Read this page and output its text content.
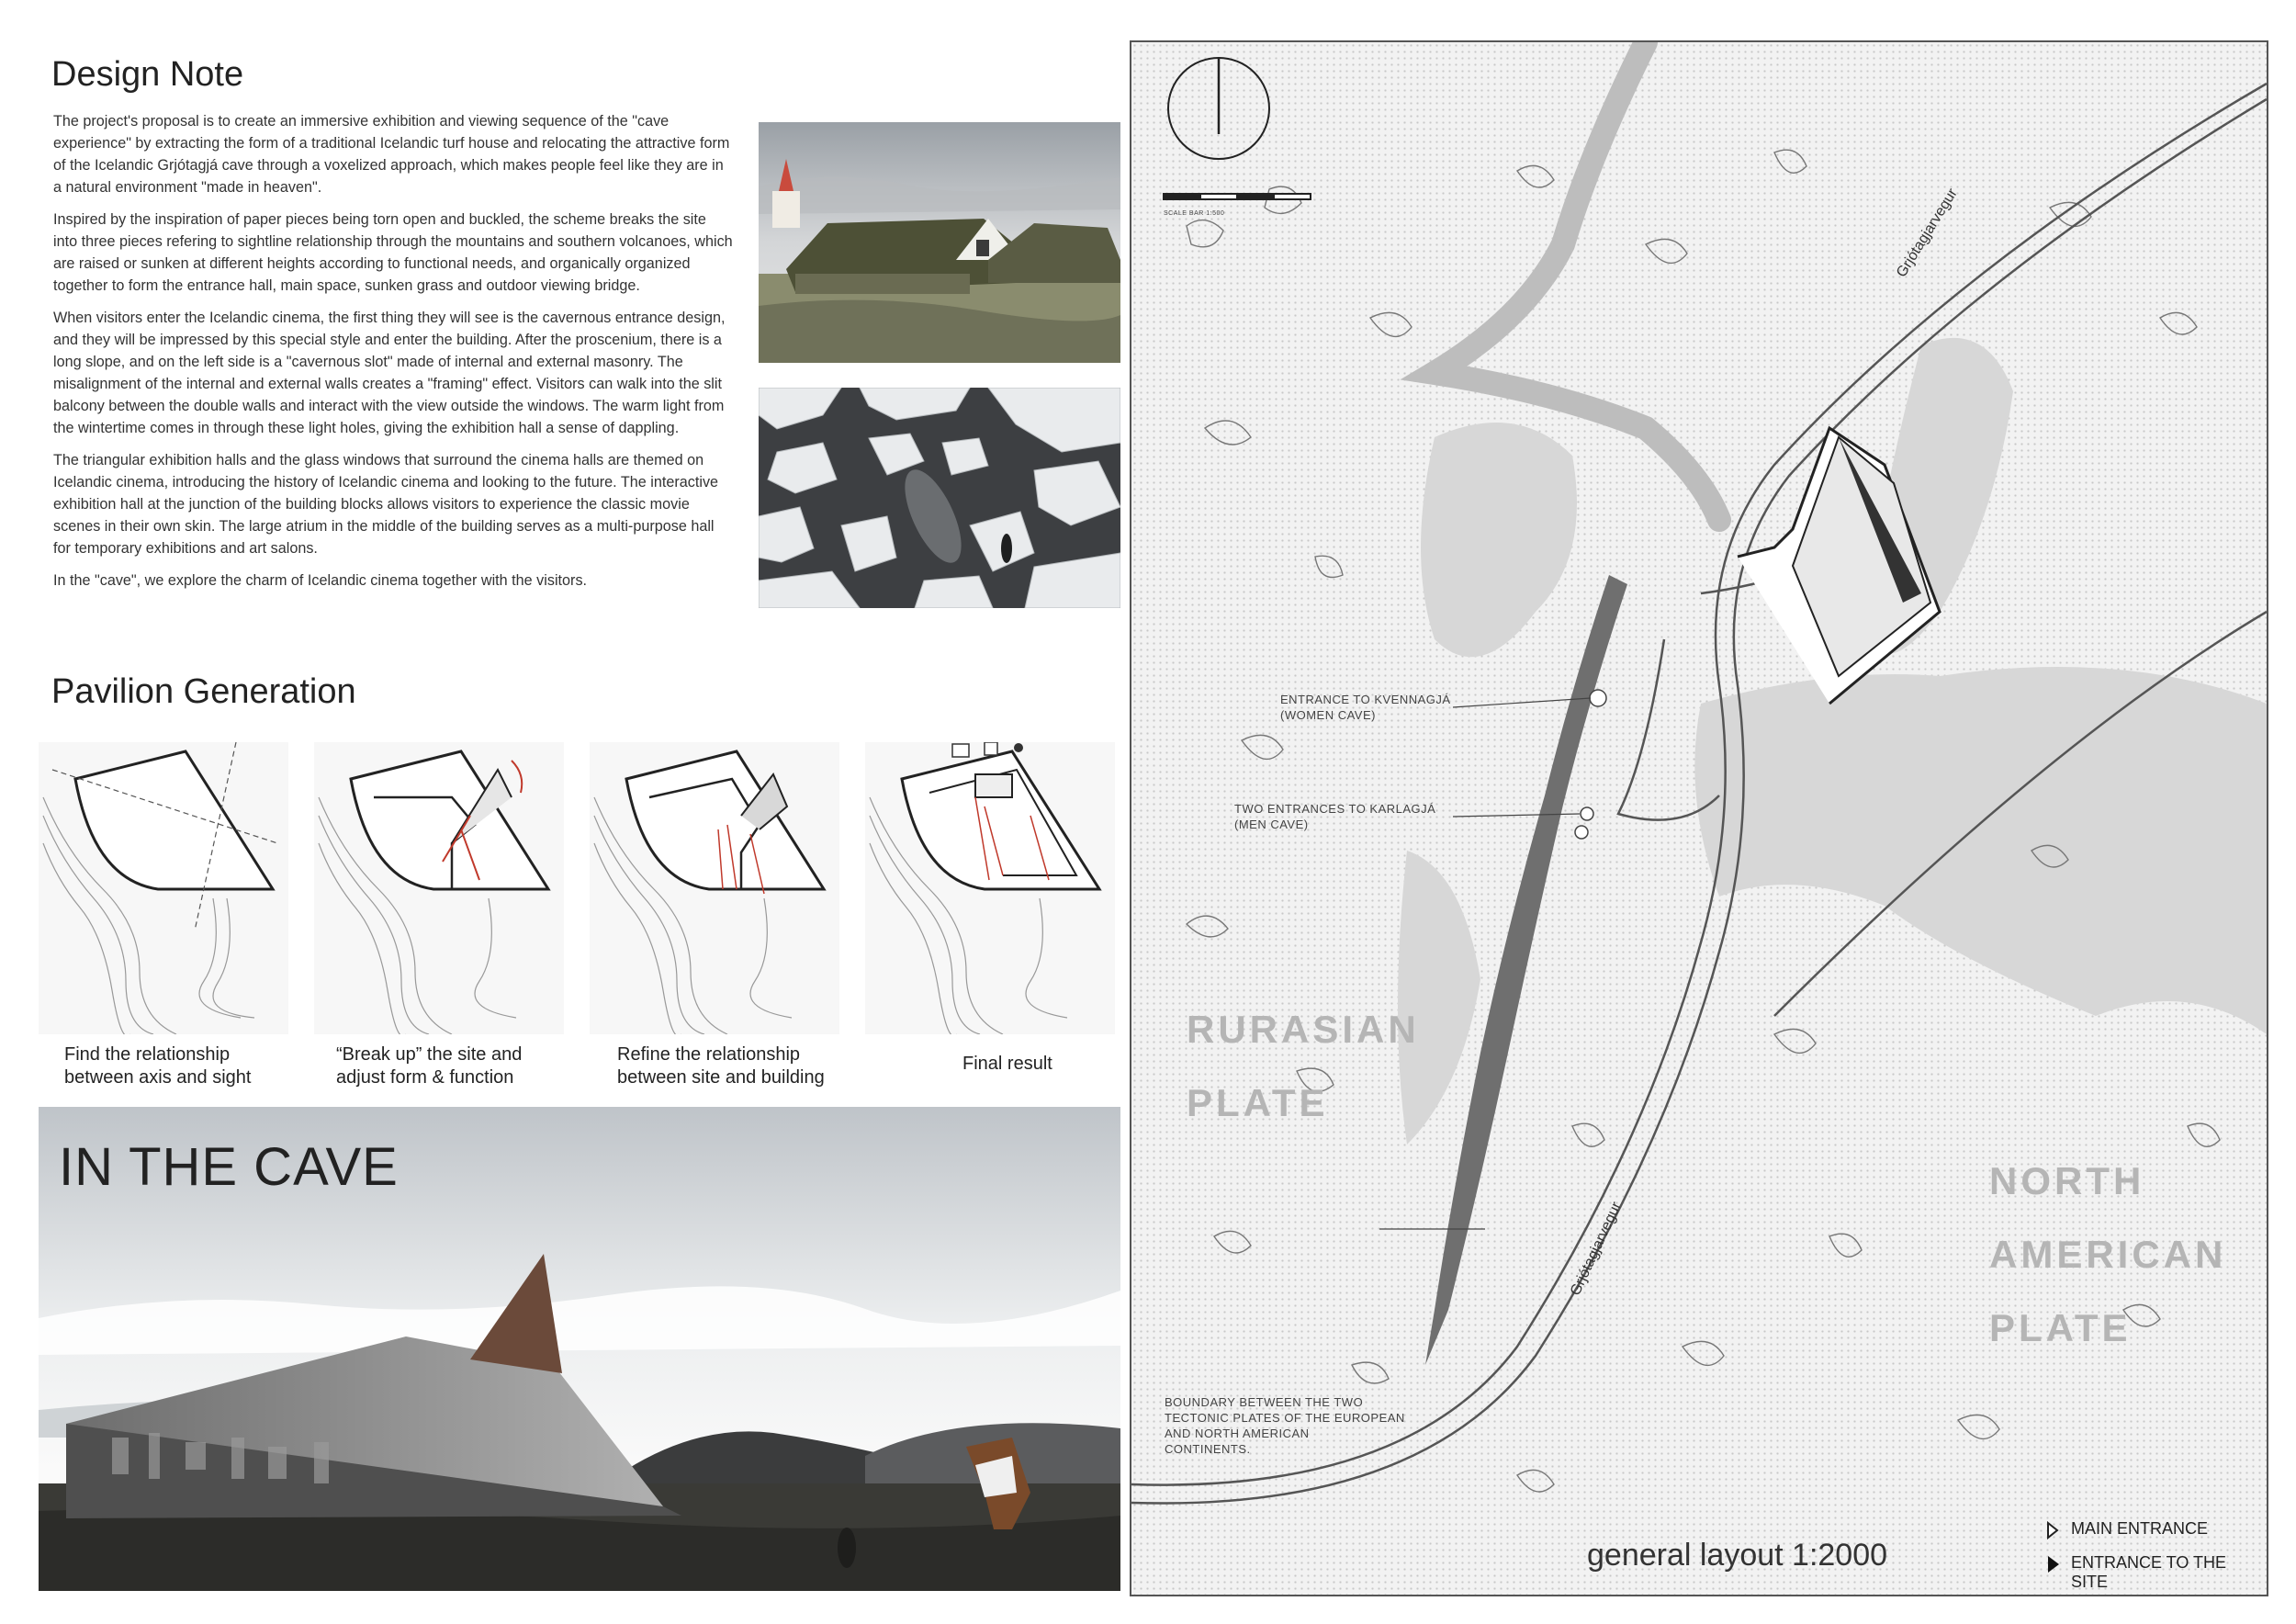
Design Note

The project's proposal is to create an immersive exhibition and viewing sequence of the "cave experience" by extracting the form of a traditional Icelandic turf house and relocating the attractive form of the Icelandic Grjótagjá cave through a voxelized approach, which makes people feel like they are in a natural environment "made in heaven".

Inspired by the inspiration of paper pieces being torn open and buckled, the scheme breaks the site into three pieces refering to sightline relationship through the mountains and southern volcanoes, which are raised or sunken at different heights according to functional needs, and organically organized together to form the entrance hall, main space, sunken grass and outdoor viewing bridge.

When visitors enter the Icelandic cinema, the first thing they will see is the cavernous entrance design, and they will be impressed by this special style and enter the building. After the proscenium, there is a long slope, and on the left side is a "cavernous slot" made of internal and external masonry. The misalignment of the internal and external walls creates a "framing" effect. Visitors can walk into the slit balcony between the double walls and interact with the view outside the windows. The warm light from the wintertime comes in through these light holes, giving the exhibition hall a sense of dappling.

The triangular exhibition halls and the glass windows that surround the cinema halls are themed on Icelandic cinema, introducing the history of Icelandic cinema and looking to the future. The interactive exhibition hall at the junction of the building blocks allows visitors to experience the classic movie scenes in their own skin. The large atrium in the middle of the building serves as a multi-purpose hall for temporary exhibitions and art salons.

In the "cave", we explore the charm of Icelandic cinema together with the visitors.

Pavilion Generation
Find the relationship
between axis and sight
“Break up” the site and
adjust form & function
Refine the relationship
between site and building
Final result
IN THE CAVE
SCALE BAR 1:500
ENTRANCE TO KVENNAGJÁ
(WOMEN CAVE)
TWO ENTRANCES TO KARLAGJÁ
(MEN CAVE)
BOUNDARY BETWEEN THE TWO
TECTONIC PLATES OF THE EUROPEAN
AND NORTH AMERICAN
CONTINENTS.
Grjótagjarvegur
Grjótagjarvegur
RURASIAN
PLATE
NORTH
AMERICAN
PLATE
general layout 1:2000
MAIN ENTRANCE
ENTRANCE TO THE SITE
